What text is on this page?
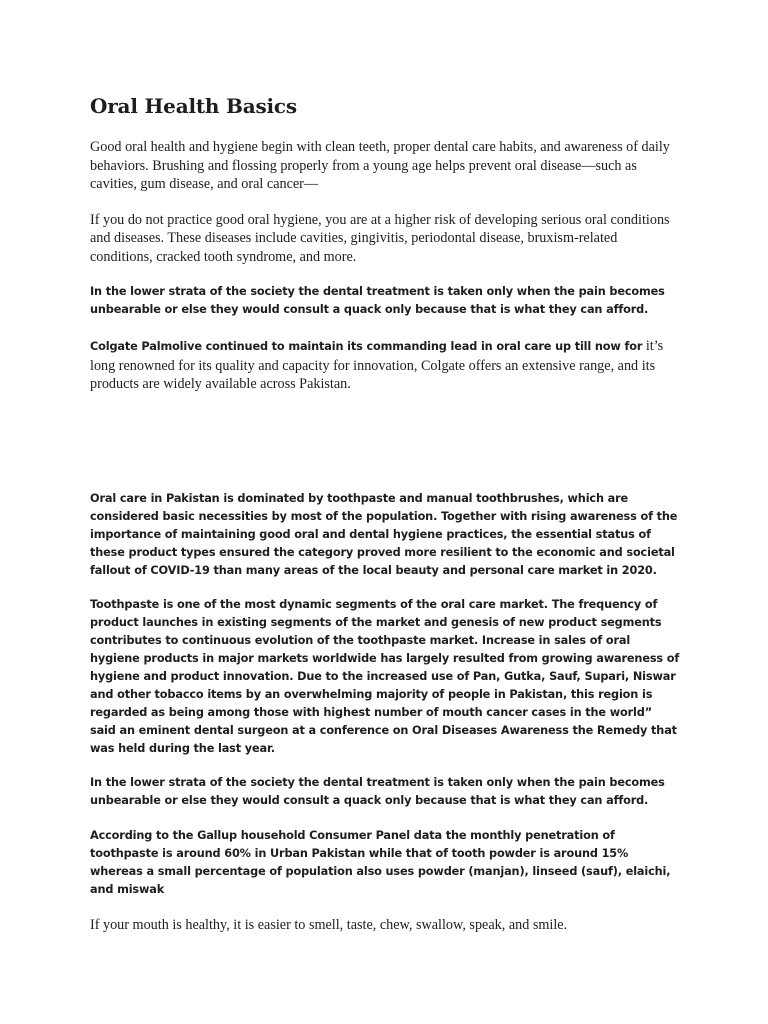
Oral Health Basics

Good oral health and hygiene begin with clean teeth, proper dental care habits, and awareness of daily behaviors. Brushing and flossing properly from a young age helps prevent oral disease—such as cavities, gum disease, and oral cancer—

If you do not practice good oral hygiene, you are at a higher risk of developing serious oral conditions and diseases. These diseases include cavities, gingivitis, periodontal disease, bruxism-related conditions, cracked tooth syndrome, and more.

In the lower strata of the society the dental treatment is taken only when the pain becomes unbearable or else they would consult a quack only because that is what they can afford.

Colgate Palmolive continued to maintain its commanding lead in oral care up till now for it’s long renowned for its quality and capacity for innovation, Colgate offers an extensive range, and its products are widely available across Pakistan.

Oral care in Pakistan is dominated by toothpaste and manual toothbrushes, which are considered basic necessities by most of the population. Together with rising awareness of the importance of maintaining good oral and dental hygiene practices, the essential status of these product types ensured the category proved more resilient to the economic and societal fallout of COVID-19 than many areas of the local beauty and personal care market in 2020.

Toothpaste is one of the most dynamic segments of the oral care market. The frequency of product launches in existing segments of the market and genesis of new product segments contributes to continuous evolution of the toothpaste market. Increase in sales of oral hygiene products in major markets worldwide has largely resulted from growing awareness of hygiene and product innovation. Due to the increased use of Pan, Gutka, Sauf, Supari, Niswar and other tobacco items by an overwhelming majority of people in Pakistan, this region is regarded as being among those with highest number of mouth cancer cases in the world” said an eminent dental surgeon at a conference on Oral Diseases Awareness the Remedy that was held during the last year.

In the lower strata of the society the dental treatment is taken only when the pain becomes unbearable or else they would consult a quack only because that is what they can afford.

According to the Gallup household Consumer Panel data the monthly penetration of toothpaste is around 60% in Urban Pakistan while that of tooth powder is around 15% whereas a small percentage of population also uses powder (manjan), linseed (sauf), elaichi, and miswak

If your mouth is healthy, it is easier to smell, taste, chew, swallow, speak, and smile.
